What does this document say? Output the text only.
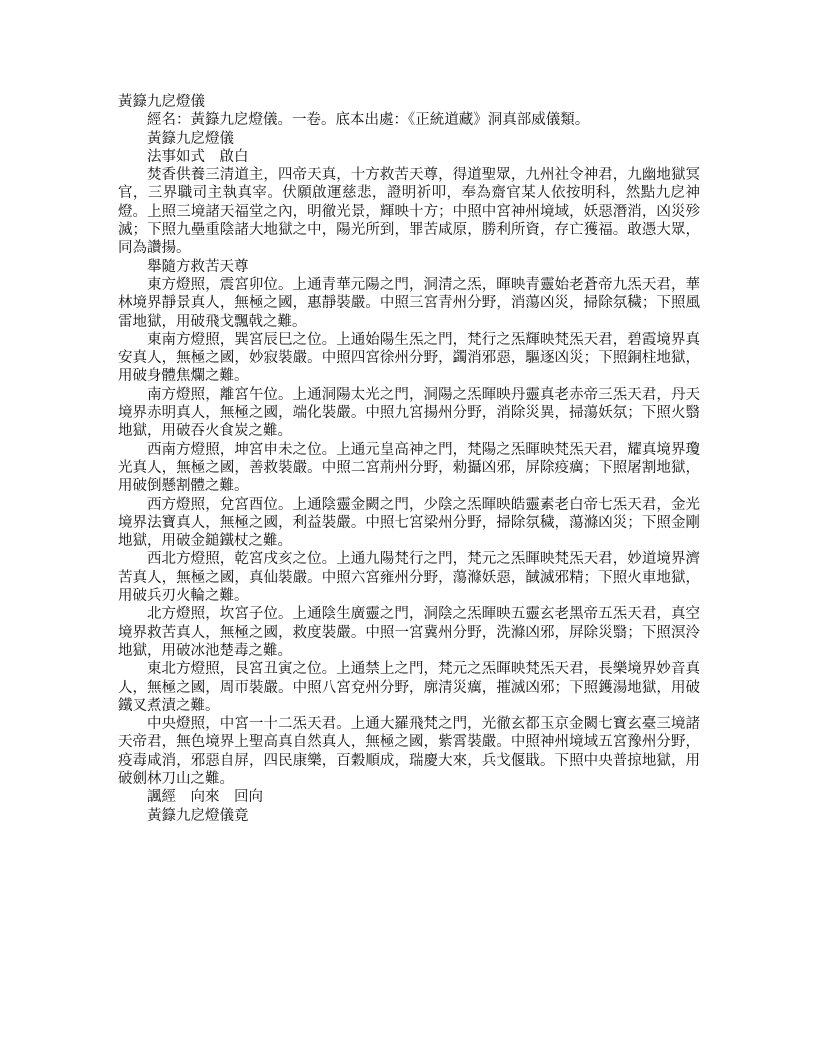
黃籙九戹燈儀

經名：黃籙九戹燈儀。一卷。底本出處：《正統道藏》洞真部威儀類。

黃籙九戹燈儀

法事如式　啟白

焚香供養三清道主，四帝天真，十方救苦天尊，得道聖眾，九州社令神君，九幽地獄冥官，三界職司主執真宰。伏願啟運慈悲，證明祈叩，奉為齋官某人依按明科，然點九戹神燈。上照三境諸天福堂之內，明徹光景，輝映十方；中照中宮神州境域，妖惡潛消，凶災殄滅；下照九壘重陰諸大地獄之中，陽光所到，罪苦咸原，勝利所資，存亡獲福。敢憑大眾，同為讚揚。

舉隨方救苦天尊

東方燈照，震宮卯位。上通青華元陽之門，洞清之炁，暉映青靈始老蒼帝九炁天君，華林境界靜景真人，無極之國，惠靜裝嚴。中照三宮青州分野，消蕩凶災，掃除氛穢；下照風雷地獄，用破飛戈飄戟之難。

東南方燈照，巽宮辰巳之位。上通始陽生炁之門，梵行之炁輝映梵炁天君，碧霞境界真安真人，無極之國，妙寂裝嚴。中照四宮徐州分野，蠲消邪惡，驅逐凶災；下照銅柱地獄，用破身體焦爛之難。

南方燈照，離宮午位。上通洞陽太光之門，洞陽之炁暉映丹靈真老赤帝三炁天君，丹天境界赤明真人，無極之國，端化裝嚴。中照九宮揚州分野，消除災異，掃蕩妖氛；下照火翳地獄，用破吞火食炭之難。

西南方燈照，坤宮申未之位。上通元皇高神之門，梵陽之炁暉映梵炁天君，耀真境界瓊光真人，無極之國，善救裝嚴。中照二宮荊州分野，勑攝凶邪，屏除疫癘；下照屠割地獄，用破倒懸割體之難。

西方燈照，兌宮酉位。上通陰靈金闕之門，少陰之炁暉映皓靈素老白帝七炁天君，金光境界法寶真人，無極之國，利益裝嚴。中照七宮梁州分野，掃除氛穢，蕩滌凶災；下照金剛地獄，用破金鎚鐵杖之難。

西北方燈照，乾宮戌亥之位。上通九陽梵行之門，梵元之炁暉映梵炁天君，妙道境界濟苦真人，無極之國，真仙裝嚴。中照六宮雍州分野，蕩滌妖惡，馘滅邪精；下照火車地獄，用破兵刃火輪之難。

北方燈照，坎宮子位。上通陰生廣靈之門，洞陰之炁暉映五靈玄老黑帝五炁天君，真空境界救苦真人，無極之國，救度裝嚴。中照一宮冀州分野，洗滌凶邪，屏除災翳；下照溟泠地獄，用破冰池楚毒之難。

東北方燈照，艮宮丑寅之位。上通禁上之門，梵元之炁暉映梵炁天君，長樂境界妙音真人，無極之國，周帀裝嚴。中照八宮兗州分野，廓清災癘，摧滅凶邪；下照鑊湯地獄，用破鐵叉煮漬之難。

中央燈照，中宮一十二炁天君。上通大羅飛梵之門，光徹玄都玉京金闕七寶玄臺三境諸天帝君，無色境界上聖高真自然真人，無極之國，紫霄裝嚴。中照神州境域五宮豫州分野，疫毒咸消，邪惡自屏，四民康樂，百穀順成，瑞慶大來，兵戈偃戢。下照中央普掠地獄，用破劍林刀山之難。

諷經　向來　回向

黃籙九戹燈儀竟
